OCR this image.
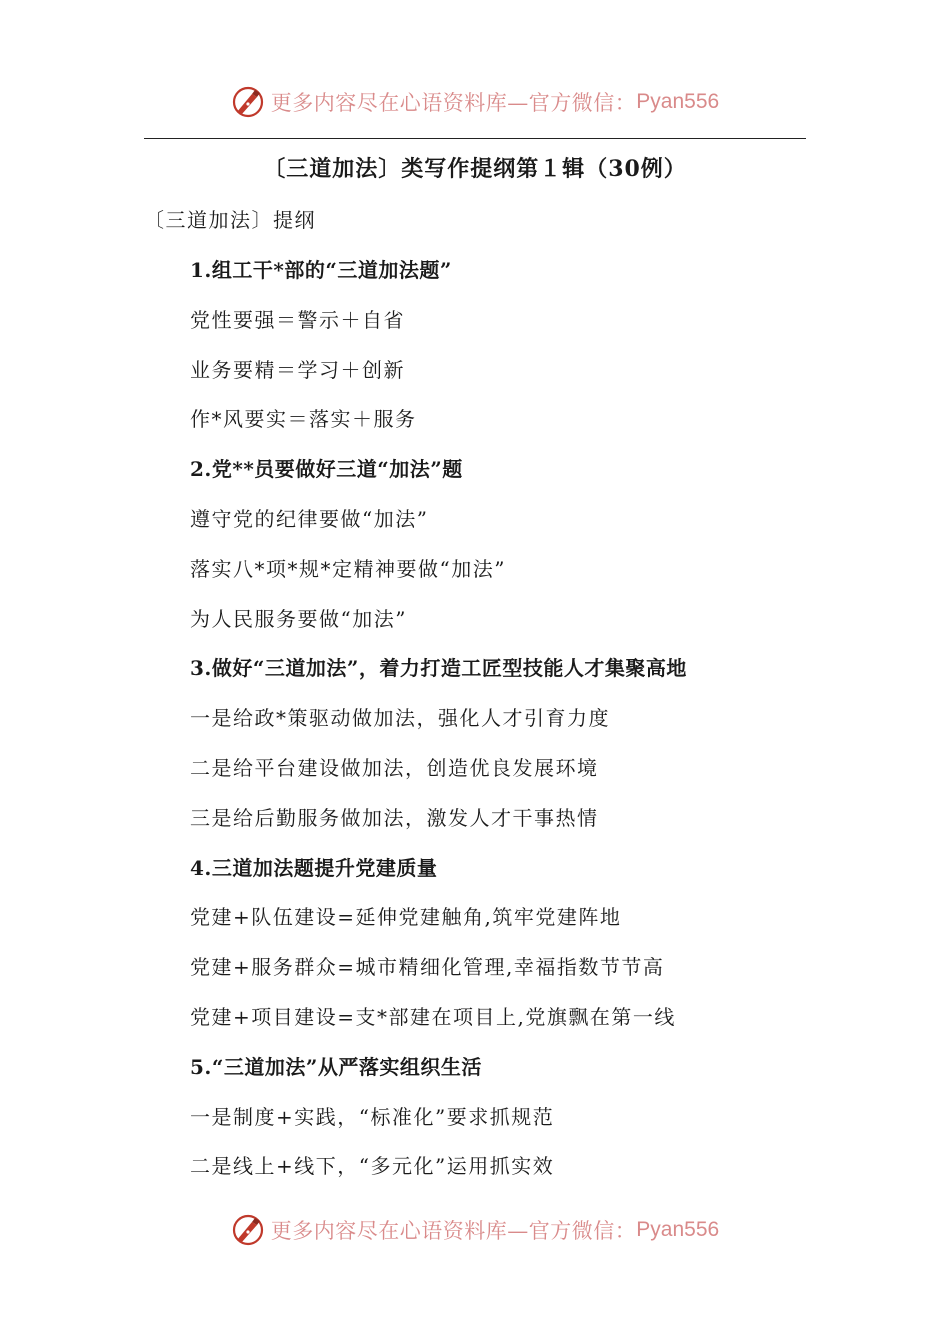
更多内容尽在心语资料库—官方微信： Pyan556
〔三道加法〕类写作提纲第１辑（30例）
〔三道加法〕提纲
1.组工干*部的“三道加法题”
党性要强＝警示＋自省
业务要精＝学习＋创新
作*风要实＝落实＋服务
2.党**员要做好三道“加法”题
遵守党的纪律要做“加法”
落实八*项*规*定精神要做“加法”
为人民服务要做“加法”
3.做好“三道加法”，着力打造工匠型技能人才集聚高地
一是给政*策驱动做加法，强化人才引育力度
二是给平台建设做加法，创造优良发展环境
三是给后勤服务做加法，激发人才干事热情
4.三道加法题提升党建质量
党建+队伍建设=延伸党建触角,筑牢党建阵地
党建+服务群众=城市精细化管理,幸福指数节节高
党建+项目建设=支*部建在项目上,党旗飘在第一线
5.“三道加法”从严落实组织生活
一是制度+实践，“标准化”要求抓规范
二是线上+线下，“多元化”运用抓实效
更多内容尽在心语资料库—官方微信： Pyan556
